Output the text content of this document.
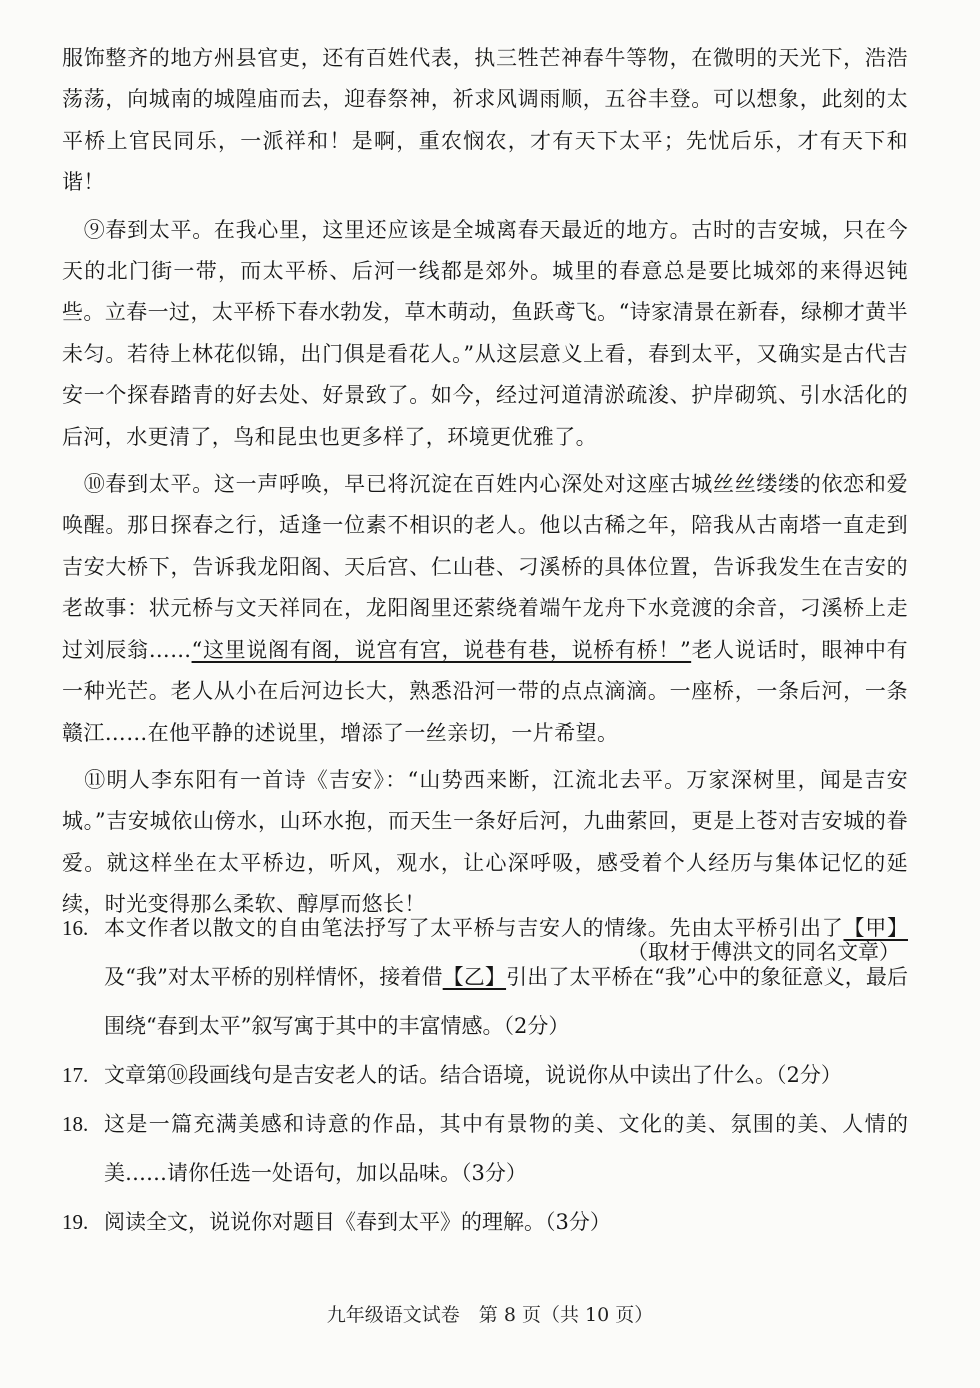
服饰整齐的地方州县官吏，还有百姓代表，执三牲芒神春牛等物，在微明的天光下，浩浩荡荡，向城南的城隍庙而去，迎春祭神，祈求风调雨顺，五谷丰登。可以想象，此刻的太平桥上官民同乐，一派祥和！是啊，重农悯农，才有天下太平；先忧后乐，才有天下和谐！

　⑨春到太平。在我心里，这里还应该是全城离春天最近的地方。古时的吉安城，只在今天的北门街一带，而太平桥、后河一线都是郊外。城里的春意总是要比城郊的来得迟钝些。立春一过，太平桥下春水勃发，草木萌动，鱼跃鸢飞。“诗家清景在新春，绿柳才黄半未匀。若待上林花似锦，出门俱是看花人。”从这层意义上看，春到太平，又确实是古代吉安一个探春踏青的好去处、好景致了。如今，经过河道清淤疏浚、护岸砌筑、引水活化的后河，水更清了，鸟和昆虫也更多样了，环境更优雅了。

　⑩春到太平。这一声呼唤，早已将沉淀在百姓内心深处对这座古城丝丝缕缕的依恋和爱唤醒。那日探春之行，适逢一位素不相识的老人。他以古稀之年，陪我从古南塔一直走到吉安大桥下，告诉我龙阳阁、天后宫、仁山巷、刁溪桥的具体位置，告诉我发生在吉安的老故事：状元桥与文天祥同在，龙阳阁里还萦绕着端午龙舟下水竞渡的余音，刁溪桥上走过刘辰翁……“这里说阁有阁，说宫有宫，说巷有巷，说桥有桥！”老人说话时，眼神中有一种光芒。老人从小在后河边长大，熟悉沿河一带的点点滴滴。一座桥，一条后河，一条赣江……在他平静的述说里，增添了一丝亲切，一片希望。

　⑪明人李东阳有一首诗《吉安》：“山势西来断，江流北去平。万家深树里，闻是吉安城。”吉安城依山傍水，山环水抱，而天生一条好后河，九曲萦回，更是上苍对吉安城的眷爱。就这样坐在太平桥边，听风，观水，让心深呼吸，感受着个人经历与集体记忆的延续，时光变得那么柔软、醇厚而悠长！

（取材于傅洪文的同名文章）

16. 本文作者以散文的自由笔法抒写了太平桥与吉安人的情缘。先由太平桥引出了【甲】及“我”对太平桥的别样情怀，接着借【乙】引出了太平桥在“我”心中的象征意义，最后围绕“春到太平”叙写寓于其中的丰富情感。（2分）
17. 文章第⑩段画线句是吉安老人的话。结合语境，说说你从中读出了什么。（2分）
18. 这是一篇充满美感和诗意的作品，其中有景物的美、文化的美、氛围的美、人情的美……请你任选一处语句，加以品味。（3分）
19. 阅读全文，说说你对题目《春到太平》的理解。（3分）
九年级语文试卷　第 8 页（共 10 页）
